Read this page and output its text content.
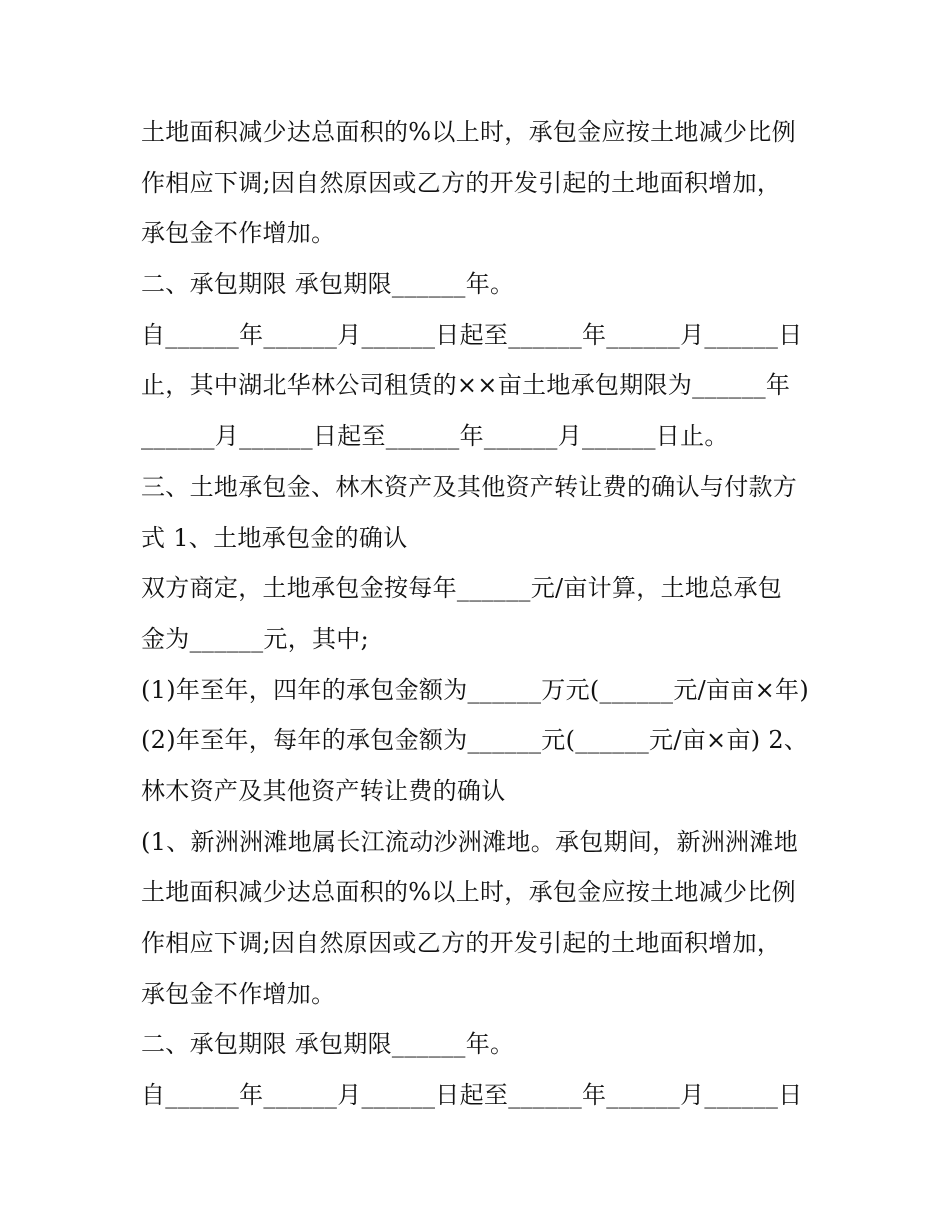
土地面积减少达总面积的%以上时，承包金应按土地减少比例
作相应下调;因自然原因或乙方的开发引起的土地面积增加，
承包金不作增加。
二、承包期限 承包期限______年。
自______年______月______日起至______年______月______日
止，其中湖北华林公司租赁的××亩土地承包期限为______年
______月______日起至______年______月______日止。
三、土地承包金、林木资产及其他资产转让费的确认与付款方
式 1、土地承包金的确认
双方商定，土地承包金按每年______元/亩计算，土地总承包
金为______元，其中;
(1)年至年，四年的承包金额为______万元(______元/亩亩×年)
(2)年至年，每年的承包金额为______元(______元/亩×亩) 2、
林木资产及其他资产转让费的确认
(1、新洲洲滩地属长江流动沙洲滩地。承包期间，新洲洲滩地
土地面积减少达总面积的%以上时，承包金应按土地减少比例
作相应下调;因自然原因或乙方的开发引起的土地面积增加，
承包金不作增加。
二、承包期限 承包期限______年。
自______年______月______日起至______年______月______日
